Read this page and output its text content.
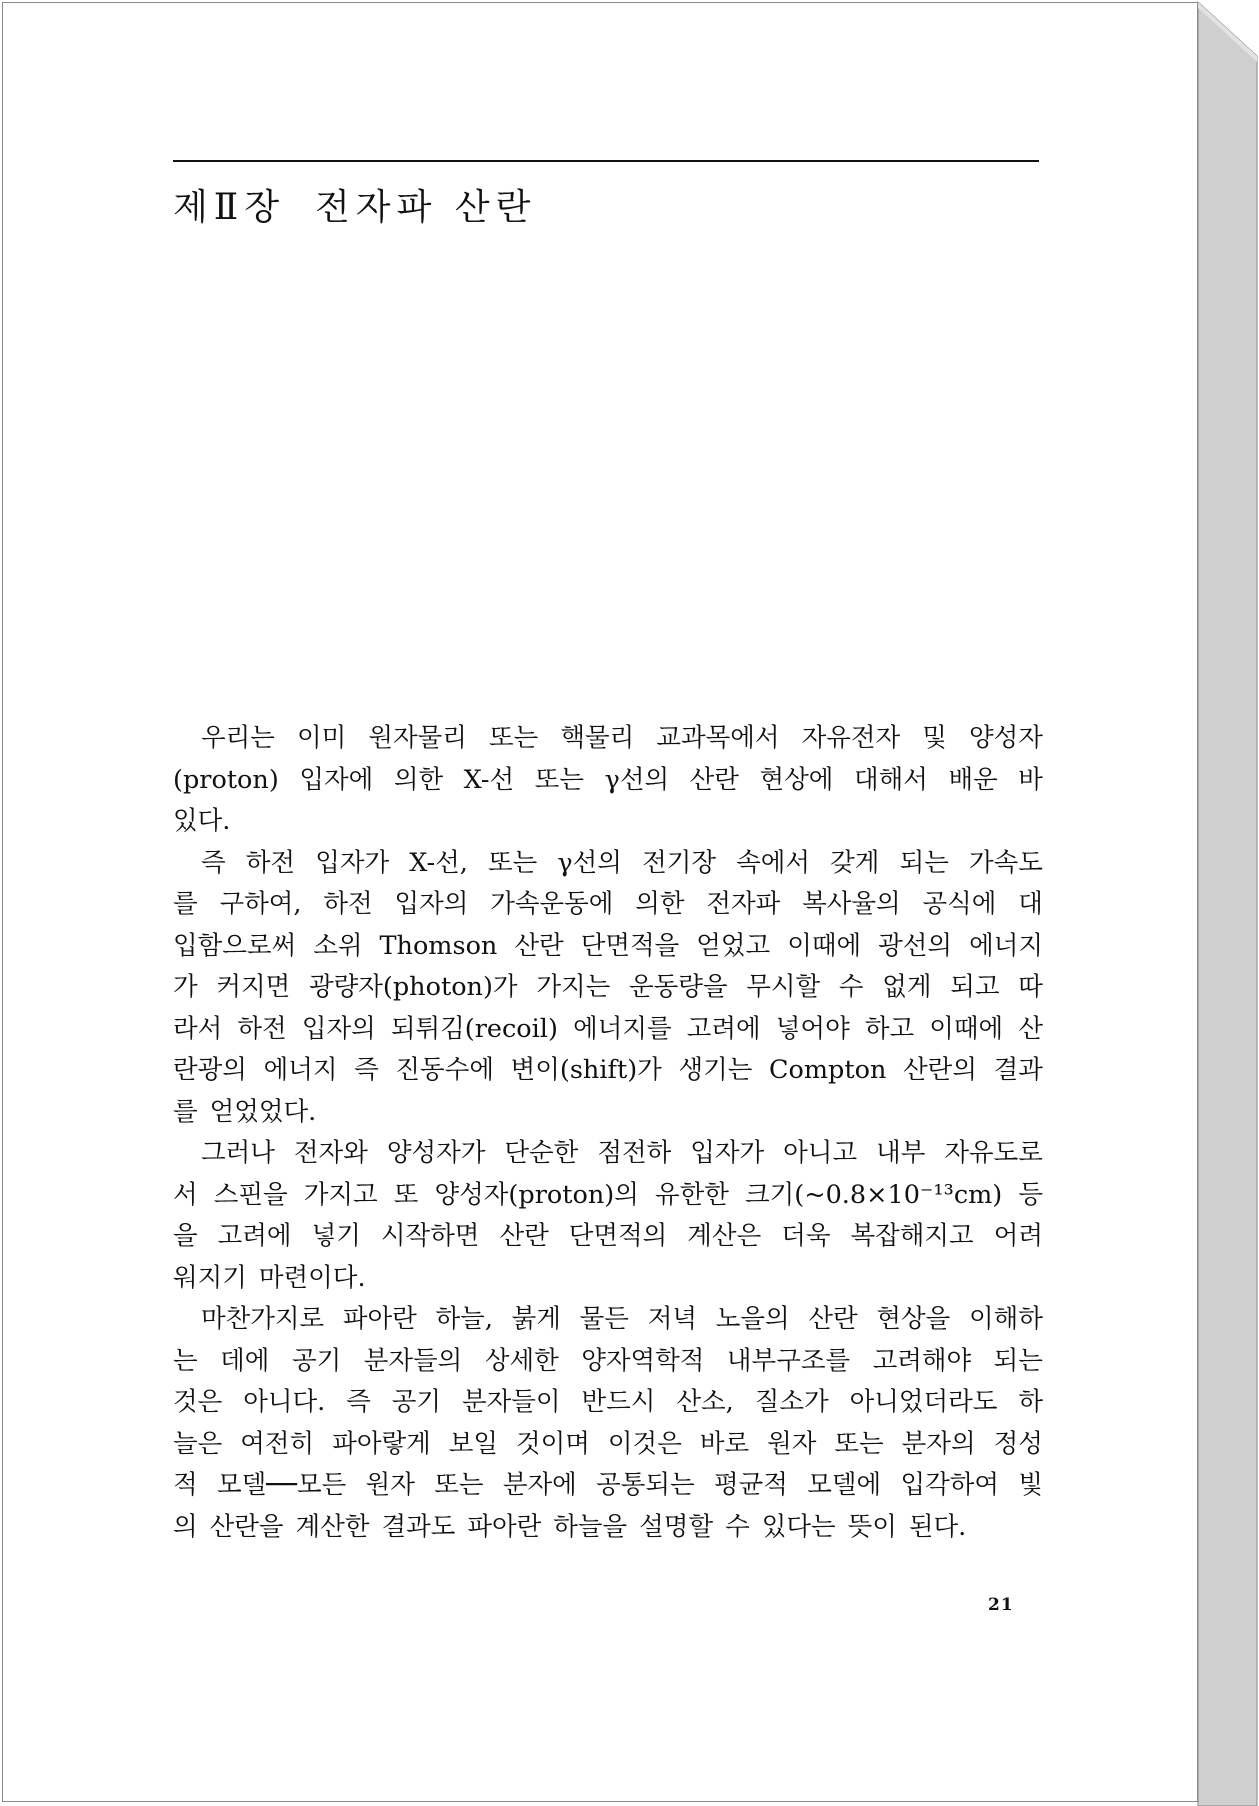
제Ⅱ장 전자파 산란
우리는 이미 원자물리 또는 핵물리 교과목에서 자유전자 및 양성자
(proton) 입자에 의한 X-선 또는 γ선의 산란 현상에 대해서 배운 바
있다.
즉 하전 입자가 X-선, 또는 γ선의 전기장 속에서 갖게 되는 가속도
를 구하여, 하전 입자의 가속운동에 의한 전자파 복사율의 공식에 대
입함으로써 소위 Thomson 산란 단면적을 얻었고 이때에 광선의 에너지
가 커지면 광량자(photon)가 가지는 운동량을 무시할 수 없게 되고 따
라서 하전 입자의 되튀김(recoil) 에너지를 고려에 넣어야 하고 이때에 산
란광의 에너지 즉 진동수에 변이(shift)가 생기는 Compton 산란의 결과
를 얻었었다.
그러나 전자와 양성자가 단순한 점전하 입자가 아니고 내부 자유도로
서 스핀을 가지고 또 양성자(proton)의 유한한 크기(~0.8×10⁻¹³cm) 등
을 고려에 넣기 시작하면 산란 단면적의 계산은 더욱 복잡해지고 어려
워지기 마련이다.
마찬가지로 파아란 하늘, 붉게 물든 저녁 노을의 산란 현상을 이해하
는 데에 공기 분자들의 상세한 양자역학적 내부구조를 고려해야 되는
것은 아니다. 즉 공기 분자들이 반드시 산소, 질소가 아니었더라도 하
늘은 여전히 파아랗게 보일 것이며 이것은 바로 원자 또는 분자의 정성
적 모델──모든 원자 또는 분자에 공통되는 평균적 모델에 입각하여 빛
의 산란을 계산한 결과도 파아란 하늘을 설명할 수 있다는 뜻이 된다.
21
